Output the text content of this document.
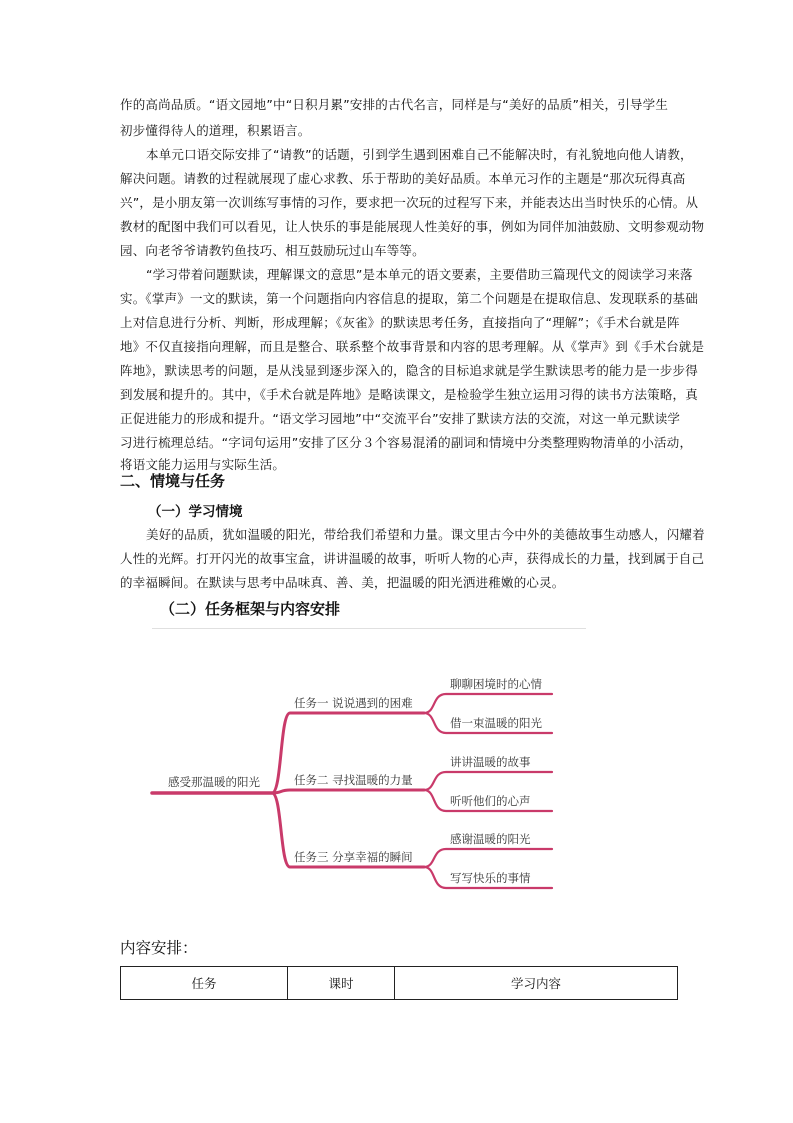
作的高尚品质。“语文园地”中“日积月累”安排的古代名言，同样是与“美好的品质”相关，引导学生
初步懂得待人的道理，积累语言。
本单元口语交际安排了“请教”的话题，引到学生遇到困难自己不能解决时，有礼貌地向他人请教，
解决问题。请教的过程就展现了虚心求教、乐于帮助的美好品质。本单元习作的主题是“那次玩得真高
兴”，是小朋友第一次训练写事情的习作，要求把一次玩的过程写下来，并能表达出当时快乐的心情。从
教材的配图中我们可以看见，让人快乐的事是能展现人性美好的事，例如为同伴加油鼓励、文明参观动物
园、向老爷爷请教钓鱼技巧、相互鼓励玩过山车等等。
“学习带着问题默读，理解课文的意思”是本单元的语文要素，主要借助三篇现代文的阅读学习来落
实。《掌声》一文的默读，第一个问题指向内容信息的提取，第二个问题是在提取信息、发现联系的基础
上对信息进行分析、判断，形成理解；《灰雀》的默读思考任务，直接指向了“理解”；《手术台就是阵
地》不仅直接指向理解，而且是整合、联系整个故事背景和内容的思考理解。从《掌声》到《手术台就是
阵地》，默读思考的问题，是从浅显到逐步深入的，隐含的目标追求就是学生默读思考的能力是一步步得
到发展和提升的。其中，《手术台就是阵地》是略读课文，是检验学生独立运用习得的读书方法策略，真
正促进能力的形成和提升。“语文学习园地”中“交流平台”安排了默读方法的交流，对这一单元默读学
习进行梳理总结。“字词句运用”安排了区分３个容易混淆的副词和情境中分类整理购物清单的小活动，
将语文能力运用与实际生活。
二、情境与任务
（一）学习情境
美好的品质，犹如温暖的阳光，带给我们希望和力量。课文里古今中外的美德故事生动感人，闪耀着
人性的光辉。打开闪光的故事宝盒，讲讲温暖的故事，听听人物的心声，获得成长的力量，找到属于自己
的幸福瞬间。在默读与思考中品味真、善、美，把温暖的阳光洒进稚嫩的心灵。
（二）任务框架与内容安排
感受那温暖的阳光
任务一 说说遇到的困难
任务二 寻找温暖的力量
任务三 分享幸福的瞬间
聊聊困境时的心情
借一束温暖的阳光
讲讲温暖的故事
听听他们的心声
感谢温暖的阳光
写写快乐的事情
内容安排：
任务	课时	学习内容
